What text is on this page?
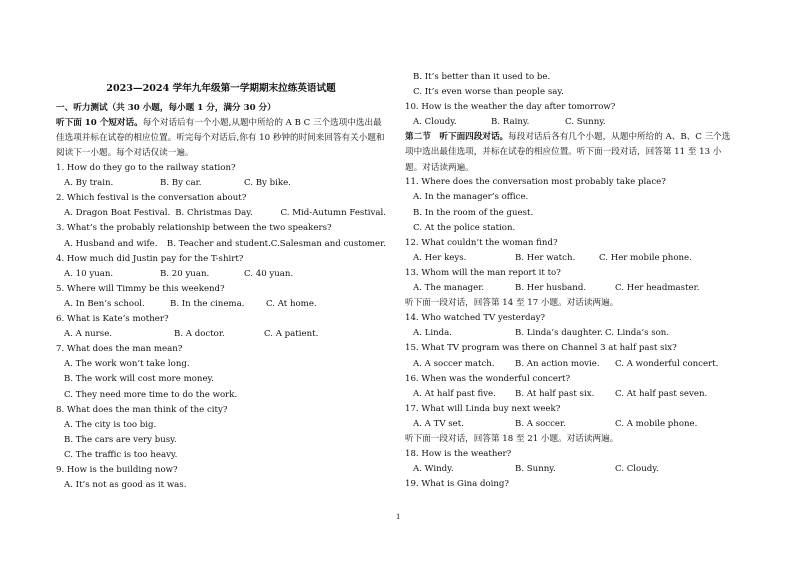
2023—2024 学年九年级第一学期期末拉练英语试题
一、听力测试（共 30 小题，每小题 1 分，满分 30 分）
听下面 10 个短对话。每个对话后有一个小题,从题中所给的 A B C 三个选项中选出最佳选项并标在试卷的相应位置。听完每个对话后,你有 10 秒钟的时间来回答有关小题和阅读下一小题。每个对话仅读一遍。
1. How do they go to the railway station?
A. By train.	B. By car.	C. By bike.
2. Which festival is the conversation about?
A. Dragon Boat Festival. B. Christmas Day.	C. Mid-Autumn Festival.
3. What’s the probably relationship between the two speakers?
A. Husband and wife.	B. Teacher and student. C.Salesman and customer.
4. How much did Justin pay for the T-shirt?
A. 10 yuan.	B. 20 yuan.	C. 40 yuan.
5. Where will Timmy be this weekend?
A. In Ben’s school.	B. In the cinema.	C. At home.
6. What is Kate’s mother?
A. A nurse.	B. A doctor.	C. A patient.
7. What does the man mean?
A. The work won’t take long.
B. The work will cost more money.
C. They need more time to do the work.
8. What does the man think of the city?
A. The city is too big.
B. The cars are very busy.
C. The traffic is too heavy.
9. How is the building now?
A. It’s not as good as it was.
B. It’s better than it used to be.
C. It’s even worse than people say.
10. How is the weather the day after tomorrow?
A. Cloudy.	B. Rainy.	C. Sunny.
第二节　听下面四段对话。每段对话后各有几个小题，从题中所给的 A、B、C 三个选项中选出最佳选项，并标在试卷的相应位置。听下面一段对话，回答第 11 至 13 小题。对话读两遍。
11. Where does the conversation most probably take place?
A. In the manager’s office.
B. In the room of the guest.
C. At the police station.
12. What couldn’t the woman find?
A. Her keys.	B. Her watch.	C. Her mobile phone.
13. Whom will the man report it to?
A. The manager.	B. Her husband.	C. Her headmaster.
听下面一段对话，回答第 14 至 17 小题。对话读两遍。
14. Who watched TV yesterday?
A. Linda.	B. Linda’s daughter. C. Linda’s son.
15. What TV program was there on Channel 3 at half past six?
A. A soccer match.	B. An action movie.	C. A wonderful concert.
16. When was the wonderful concert?
A. At half past five.	B. At half past six.	C. At half past seven.
17. What will Linda buy next week?
A. A TV set.	B. A soccer.	C. A mobile phone.
听下面一段对话，回答第 18 至 21 小题。对话读两遍。
18. How is the weather?
A. Windy.	B. Sunny.	C. Cloudy.
19. What is Gina doing?
1
